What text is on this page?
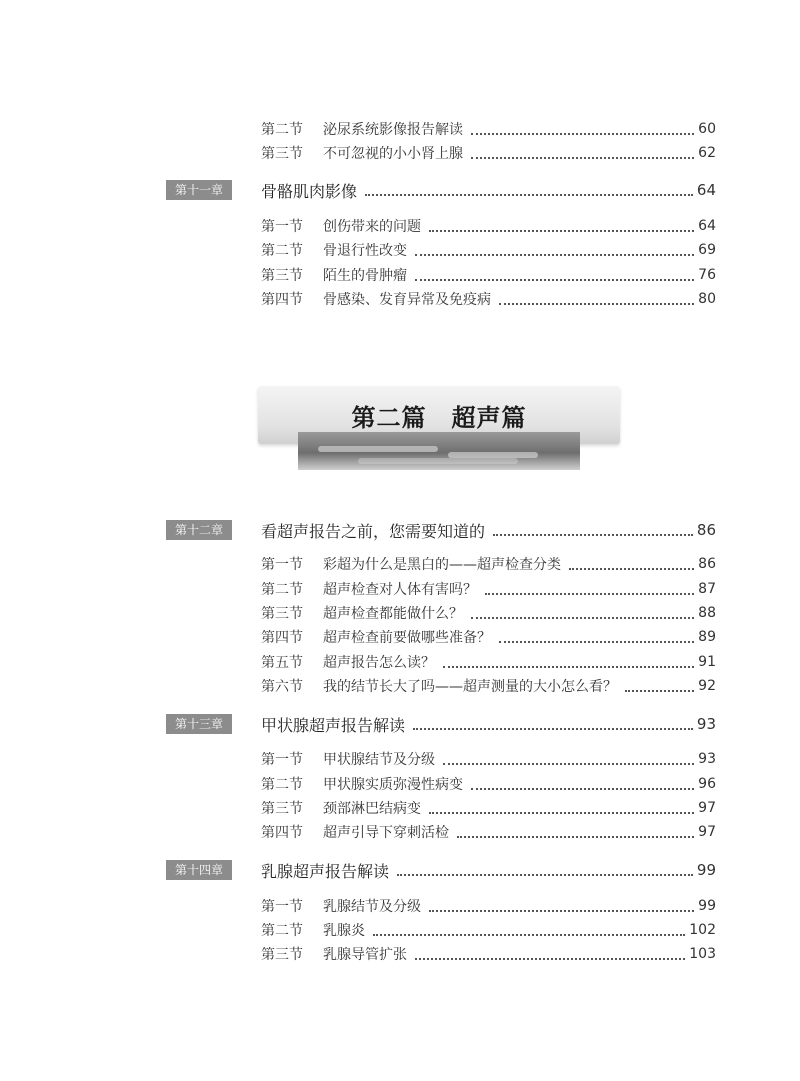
第二节	泌尿系统影像报告解读	60
第三节	不可忽视的小小肾上腺	62
第十一章	骨骼肌肉影像	64
第一节	创伤带来的问题	64
第二节	骨退行性改变	69
第三节	陌生的骨肿瘤	76
第四节	骨感染、发育异常及免疫病	80
第二篇　超声篇
第十二章	看超声报告之前，您需要知道的	86
第一节	彩超为什么是黑白的——超声检查分类	86
第二节	超声检查对人体有害吗？	87
第三节	超声检查都能做什么？	88
第四节	超声检查前要做哪些准备？	89
第五节	超声报告怎么读？	91
第六节	我的结节长大了吗——超声测量的大小怎么看？	92
第十三章	甲状腺超声报告解读	93
第一节	甲状腺结节及分级	93
第二节	甲状腺实质弥漫性病变	96
第三节	颈部淋巴结病变	97
第四节	超声引导下穿刺活检	97
第十四章	乳腺超声报告解读	99
第一节	乳腺结节及分级	99
第二节	乳腺炎	102
第三节	乳腺导管扩张	103
